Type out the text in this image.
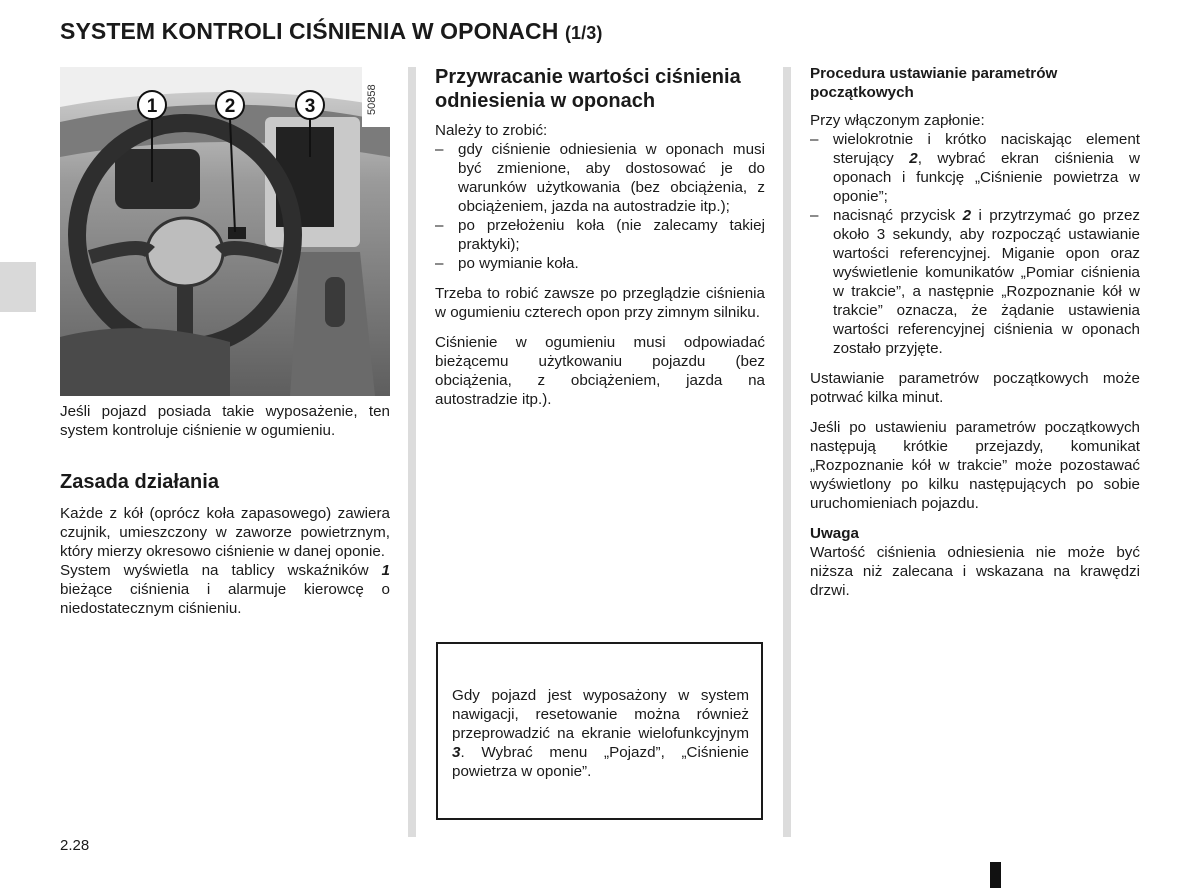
SYSTEM KONTROLI CIŚNIENIA W OPONACH (1/3)
1	2	3	50858

Jeśli pojazd posiada takie wyposażenie, ten system kontroluje ciśnienie w ogumieniu.

Zasada działania

Każde z kół (oprócz koła zapasowego) zawiera czujnik, umieszczony w zaworze powietrznym, który mierzy okresowo ciśnienie w danej oponie.

System wyświetla na tablicy wskaźników 1 bieżące ciśnienia i alarmuje kierowcę o niedostatecznym ciśnieniu.

Przywracanie wartości ciśnienia odniesienia w oponach

Należy to zrobić:

– gdy ciśnienie odniesienia w oponach musi być zmienione, aby dostosować je do warunków użytkowania (bez obciążenia, z obciążeniem, jazda na autostradzie itp.);
– po przełożeniu koła (nie zalecamy takiej praktyki);
– po wymianie koła.

Trzeba to robić zawsze po przeglądzie ciśnienia w ogumieniu czterech opon przy zimnym silniku.

Ciśnienie w ogumieniu musi odpowiadać bieżącemu użytkowaniu pojazdu (bez obciążenia, z obciążeniem, jazda na autostradzie itp.).

Gdy pojazd jest wyposażony w system nawigacji, resetowanie można również przeprowadzić na ekranie wielofunkcyjnym 3. Wybrać menu „Pojazd”, „Ciśnienie powietrza w oponie”.

Procedura ustawianie parametrów początkowych

Przy włączonym zapłonie:

– wielokrotnie i krótko naciskając element sterujący 2, wybrać ekran ciśnienia w oponach i funkcję „Ciśnienie powietrza w oponie”;
– nacisnąć przycisk 2 i przytrzymać go przez około 3 sekundy, aby rozpocząć ustawianie wartości referencyjnej. Miganie opon oraz wyświetlenie komunikatów „Pomiar ciśnienia w trakcie”, a następnie „Rozpoznanie kół w trakcie” oznacza, że żądanie ustawienia wartości referencyjnej ciśnienia w oponach zostało przyjęte.

Ustawianie parametrów początkowych może potrwać kilka minut.

Jeśli po ustawieniu parametrów początkowych następują krótkie przejazdy, komunikat „Rozpoznanie kół w trakcie” może pozostawać wyświetlony po kilku następujących po sobie uruchomieniach pojazdu.

Uwaga

Wartość ciśnienia odniesienia nie może być niższa niż zalecana i wskazana na krawędzi drzwi.

2.28
